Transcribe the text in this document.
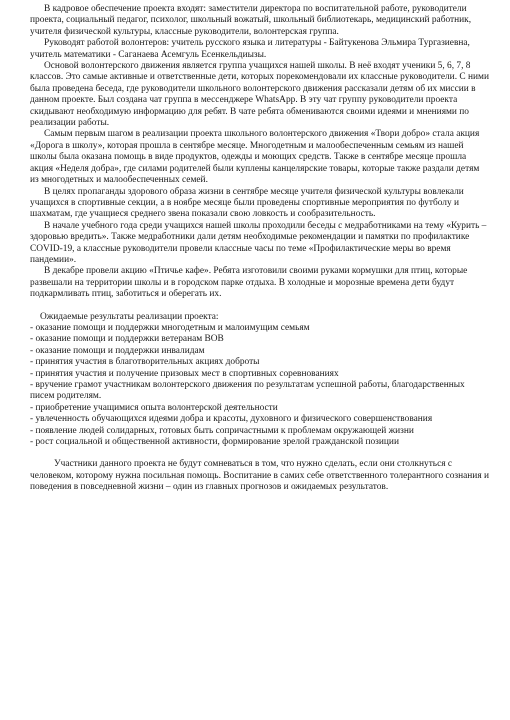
В кадровое обеспечение проекта входят: заместители директора по воспитательной работе, руководители проекта, социальный педагог, психолог, школьный вожатый, школьный библиотекарь, медицинский работник, учителя физической культуры, классные руководители, волонтерская группа.

Руководят работой волонтеров: учитель русского языка и литературы - Байтукенова Эльмира Тургазиевна, учитель математики - Саганаева Асемгуль Есенкельдиызы.

Основой волонтерского движения является группа учащихся нашей школы. В неё входят ученики 5, 6, 7, 8 классов. Это самые активные и ответственные дети, которых порекомендовали их классные руководители. С ними была проведена беседа, где руководители школьного волонтерского движения рассказали детям об их миссии в данном проекте. Был создана чат группа в мессенджере WhatsApp. В эту чат группу руководители проекта скидывают необходимую информацию для ребят. В чате ребята обмениваются своими идеями и мнениями по реализации работы.

Самым первым шагом в реализации проекта школьного волонтерского движения «Твори добро» стала акция «Дорога в школу», которая прошла в сентябре месяце. Многодетным и малообеспеченным семьям из нашей школы была оказана помощь в виде продуктов, одежды и моющих средств. Также в сентябре месяце прошла акция «Неделя добра», где силами родителей были куплены канцелярские товары, которые также раздали детям из многодетных и малообеспеченных семей.

В целях пропаганды здорового образа жизни в сентябре месяце учителя физической культуры вовлекали учащихся в спортивные секции, а в ноябре месяце были проведены спортивные мероприятия по футболу и шахматам, где учащиеся среднего звена показали свою ловкость и сообразительность.

В начале учебного года среди учащихся нашей школы проходили беседы с медработниками на тему «Курить – здоровью вредить». Также медработники дали детям необходимые рекомендации и памятки по профилактике COVID-19, а классные руководители провели классные часы по теме «Профилактические меры во время пандемии».

В декабре провели акцию «Птичье кафе». Ребята изготовили своими руками кормушки для птиц, которые развешали на территории школы и в городском парке отдыха. В холодные и морозные времена дети будут подкармливать птиц, заботиться и оберегать их.

Ожидаемые результаты реализации проекта:

- оказание помощи и поддержки многодетным и малоимущим семьям
- оказание помощи и поддержки ветеранам ВОВ
- оказание помощи и поддержки инвалидам
- принятия участия в благотворительных акциях доброты
- принятия участия и получение призовых мест в спортивных соревнованиях
- вручение грамот участникам волонтерского движения по результатам успешной работы, благодарственных писем родителям.
- приобретение учащимися опыта волонтерской деятельности
- увлеченность обучающихся идеями добра и красоты, духовного и физического совершенствования
- появление людей солидарных, готовых быть сопричастными к проблемам окружающей жизни
- рост социальной и общественной активности, формирование зрелой гражданской позиции

Участники данного проекта не будут сомневаться в том, что нужно сделать, если они столкнуться с человеком, которому нужна посильная помощь. Воспитание в самих себе ответственного толерантного сознания и поведения в повседневной жизни – один из главных прогнозов и ожидаемых результатов.
